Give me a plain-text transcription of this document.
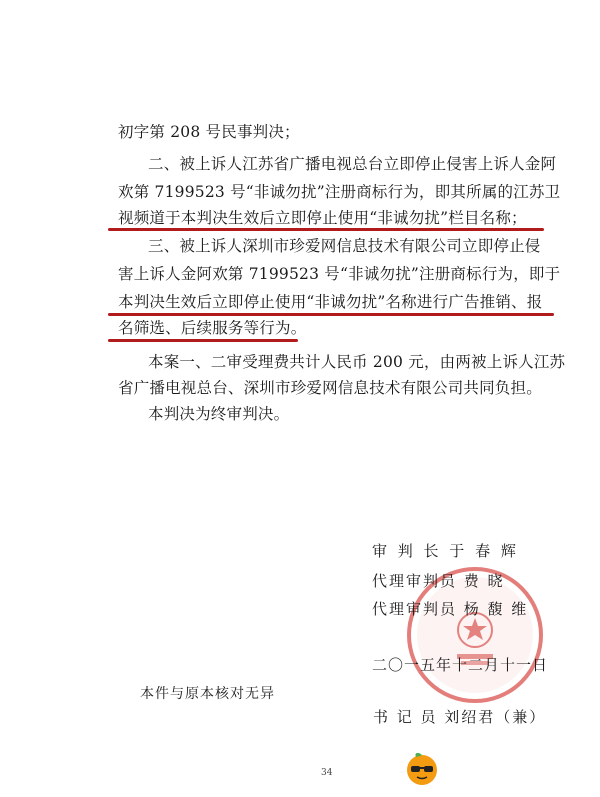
初字第 208 号民事判决；
二、被上诉人江苏省广播电视总台立即停止侵害上诉人金阿
欢第 7199523 号“非诚勿扰”注册商标行为，即其所属的江苏卫
视频道于本判决生效后立即停止使用“非诚勿扰”栏目名称；
三、被上诉人深圳市珍爱网信息技术有限公司立即停止侵
害上诉人金阿欢第 7199523 号“非诚勿扰”注册商标行为，即于
本判决生效后立即停止使用“非诚勿扰”名称进行广告推销、报
名筛选、后续服务等行为。
本案一、二审受理费共计人民币 200 元，由两被上诉人江苏
省广播电视总台、深圳市珍爱网信息技术有限公司共同负担。
本判决为终审判决。
审 判 长 于 春 辉
代理审判员 费 晓
代理审判员 杨 馥 维
二〇一五年十二月十一日
书 记 员 刘绍君（兼）
本件与原本核对无异
34
